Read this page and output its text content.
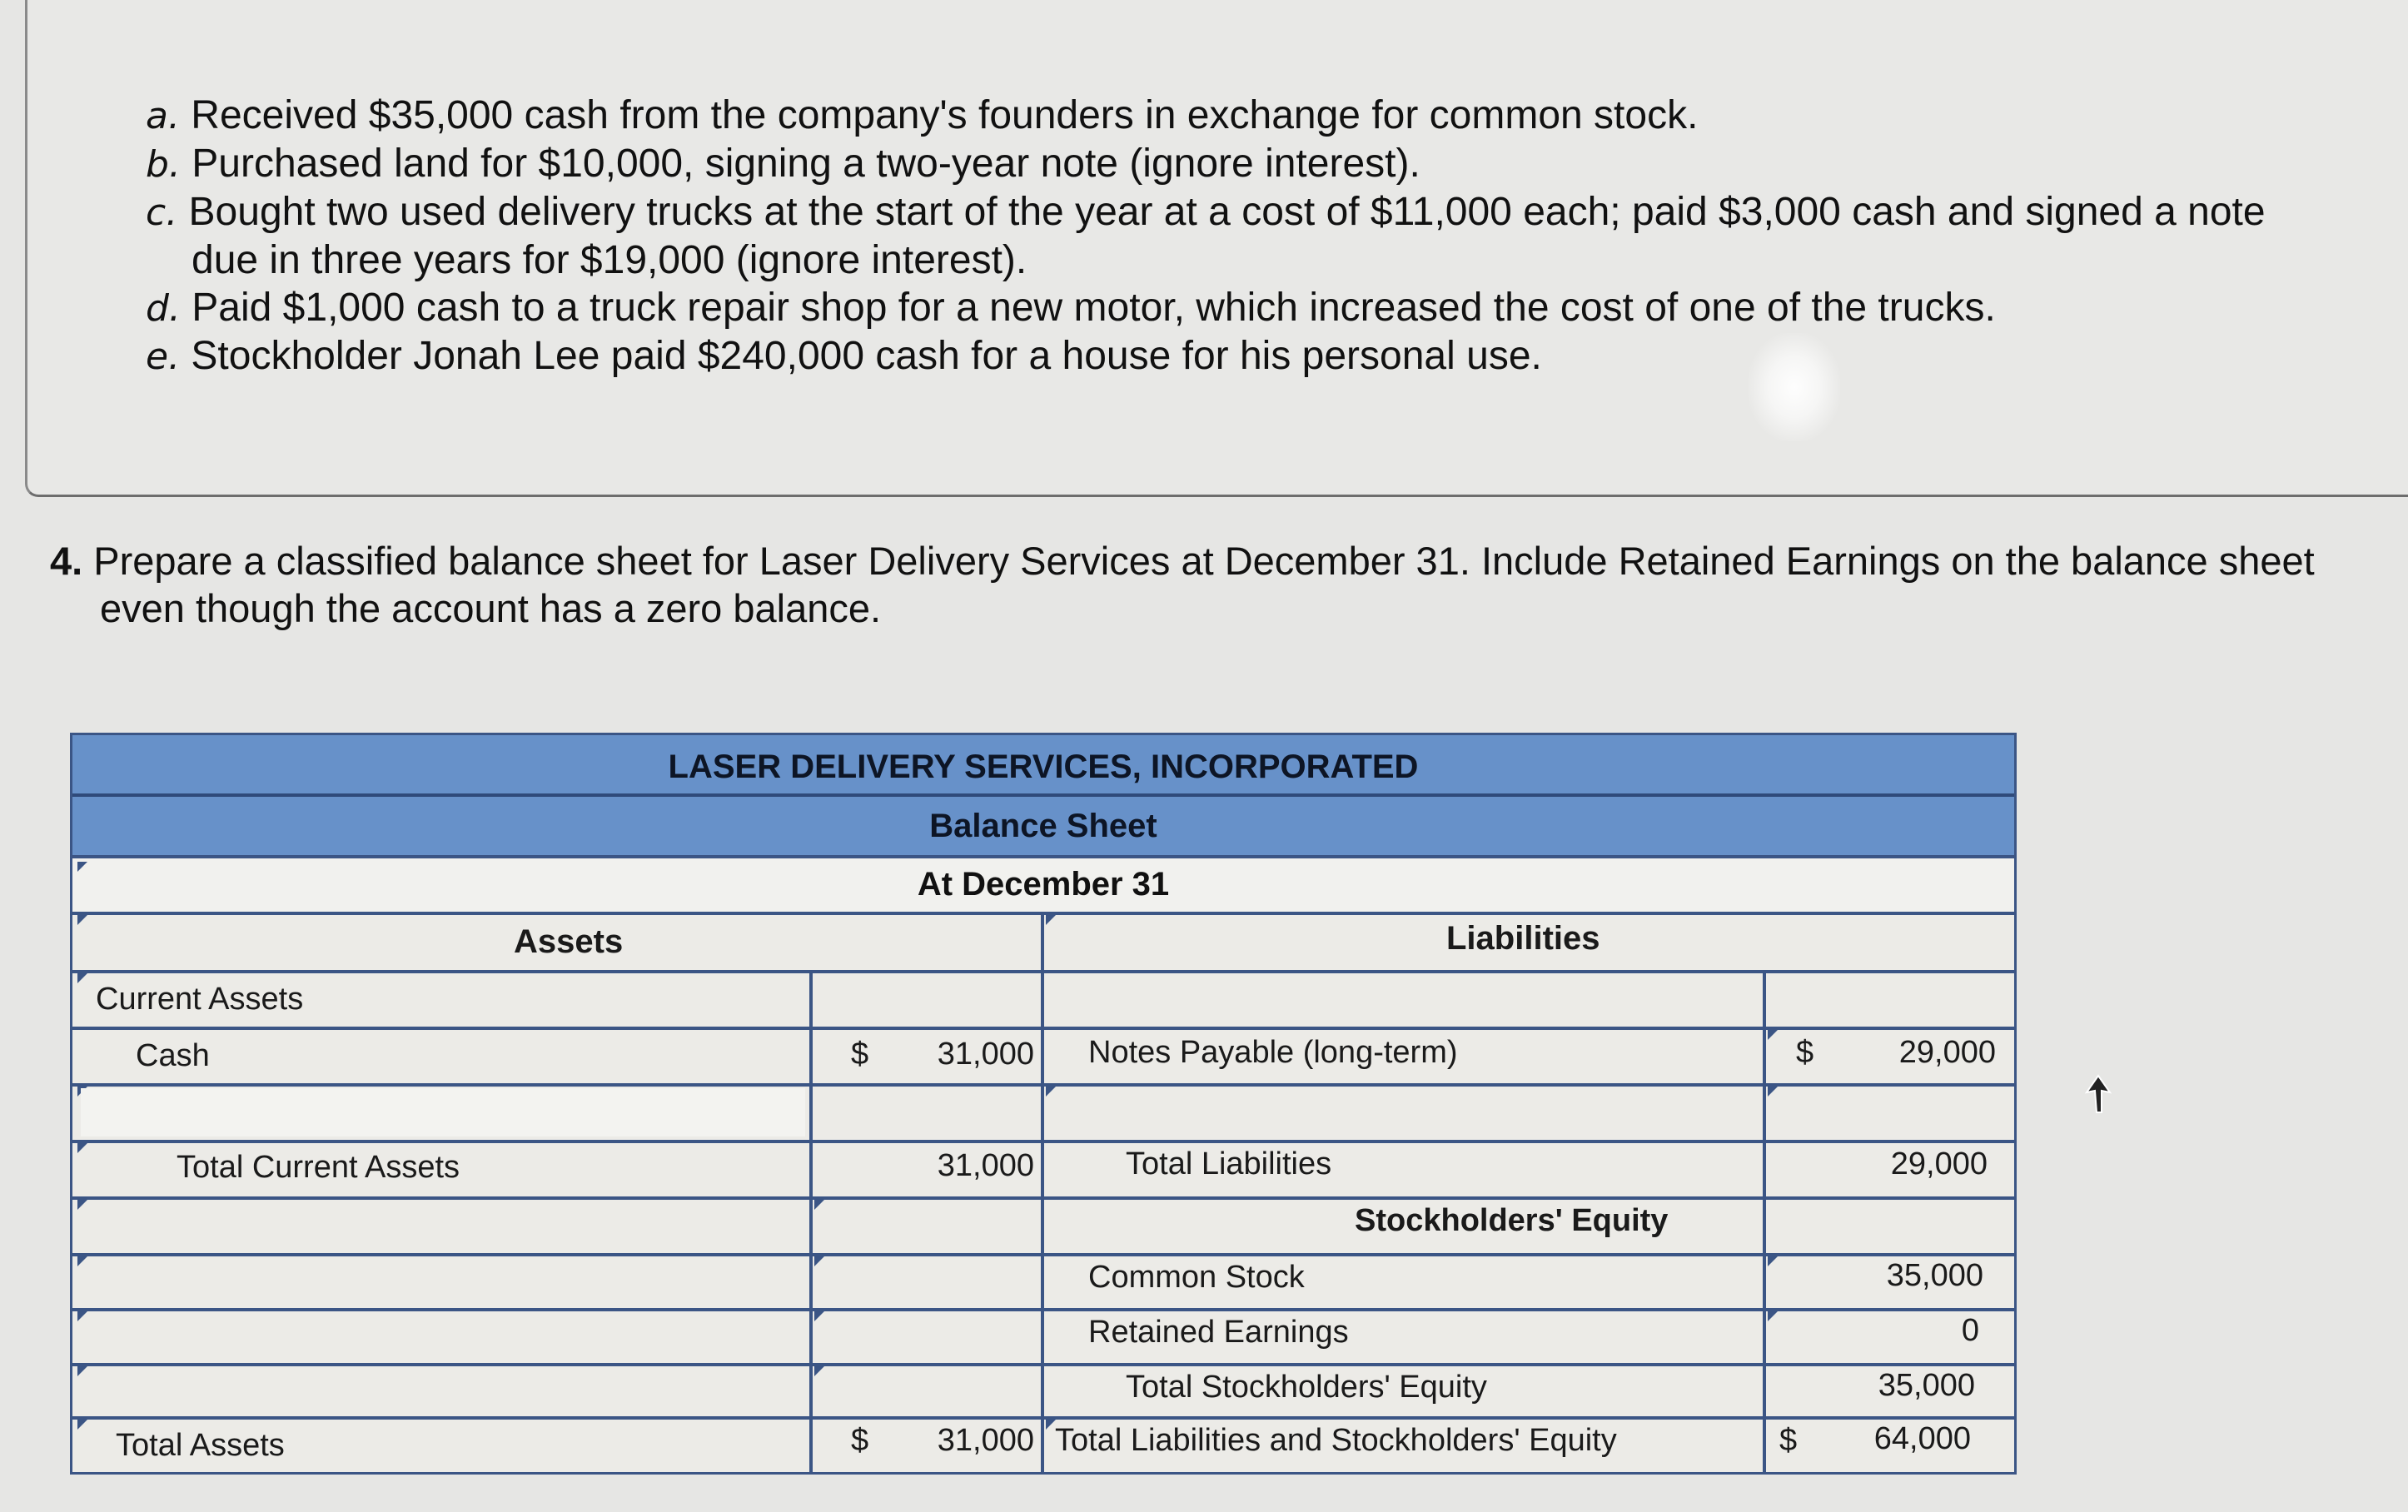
a. Received $35,000 cash from the company's founders in exchange for common stock.
b. Purchased land for $10,000, signing a two-year note (ignore interest).
c. Bought two used delivery trucks at the start of the year at a cost of $11,000 each; paid $3,000 cash and signed a note
due in three years for $19,000 (ignore interest).
d. Paid $1,000 cash to a truck repair shop for a new motor, which increased the cost of one of the trucks.
e. Stockholder Jonah Lee paid $240,000 cash for a house for his personal use.
4. Prepare a classified balance sheet for Laser Delivery Services at December 31. Include Retained Earnings on the balance sheet
even though the account has a zero balance.
LASER DELIVERY SERVICES, INCORPORATED
Balance Sheet
At December 31
Assets	Liabilities
Current Assets
Cash	$	31,000 Notes Payable (long-term)	$	29,000
Total Current Assets	31,000	Total Liabilities	29,000
Stockholders' Equity
Common Stock	35,000
Retained Earnings	0
Total Stockholders' Equity	35,000
Total Assets	$	31,000 Total Liabilities and Stockholders' Equity	$	64,000
